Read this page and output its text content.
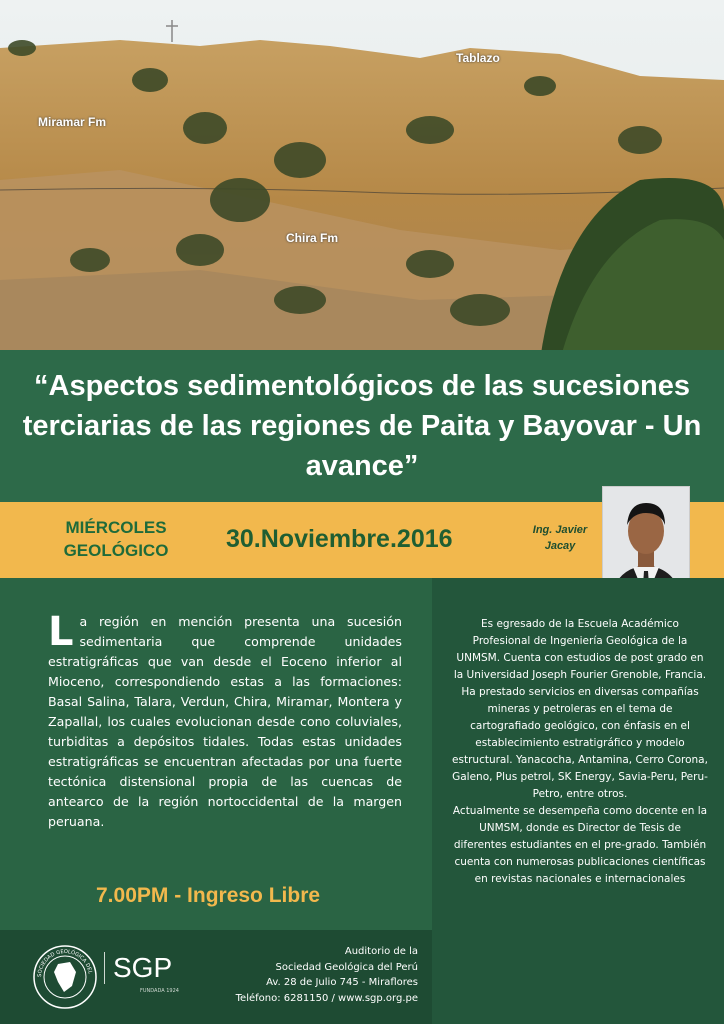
Tablazo
Miramar Fm
Chira Fm
“Aspectos sedimentológicos de las sucesiones terciarias de las regiones de Paita y Bayovar - Un avance”
MIÉRCOLES
GEOLÓGICO	30.Noviembre.2016	Ing. Javier
Jacay
La región en mención presenta una sucesión sedimentaria que comprende unidades estratigráficas que van desde el Eoceno inferior al Mioceno, correspondiendo estas a las formaciones: Basal Salina, Talara, Verdun, Chira, Miramar, Montera y Zapallal, los cuales evolucionan desde cono coluviales, turbiditas a depósitos tidales. Todas estas unidades estratigráficas se encuentran afectadas por una fuerte tectónica distensional propia de las cuencas de antearco de la región nortoccidental de la margen peruana.
7.00PM - Ingreso Libre
Es egresado de la Escuela Académico Profesional de Ingeniería Geológica de la UNMSM. Cuenta con estudios de post grado en la Universidad Joseph Fourier Grenoble, Francia. Ha prestado servicios en diversas compañías mineras y petroleras en el tema de cartografiado geológico, con énfasis en el establecimiento estratigráfico y modelo estructural. Yanacocha, Antamina, Cerro Corona, Galeno, Plus petrol, SK Energy, Savia-Peru, Peru-Petro, entre otros.
Actualmente se desempeña como docente en la UNMSM, donde es Director de Tesis de diferentes estudiantes en el pre-grado. También cuenta con numerosas publicaciones científicas en revistas nacionales e internacionales
SOCIEDAD GEOLÓGICA DEL SGP
FUNDADA 1924
Auditorio de la
Sociedad Geológica del Perú
Av. 28 de Julio 745 - Miraflores
Teléfono: 6281150 / www.sgp.org.pe
